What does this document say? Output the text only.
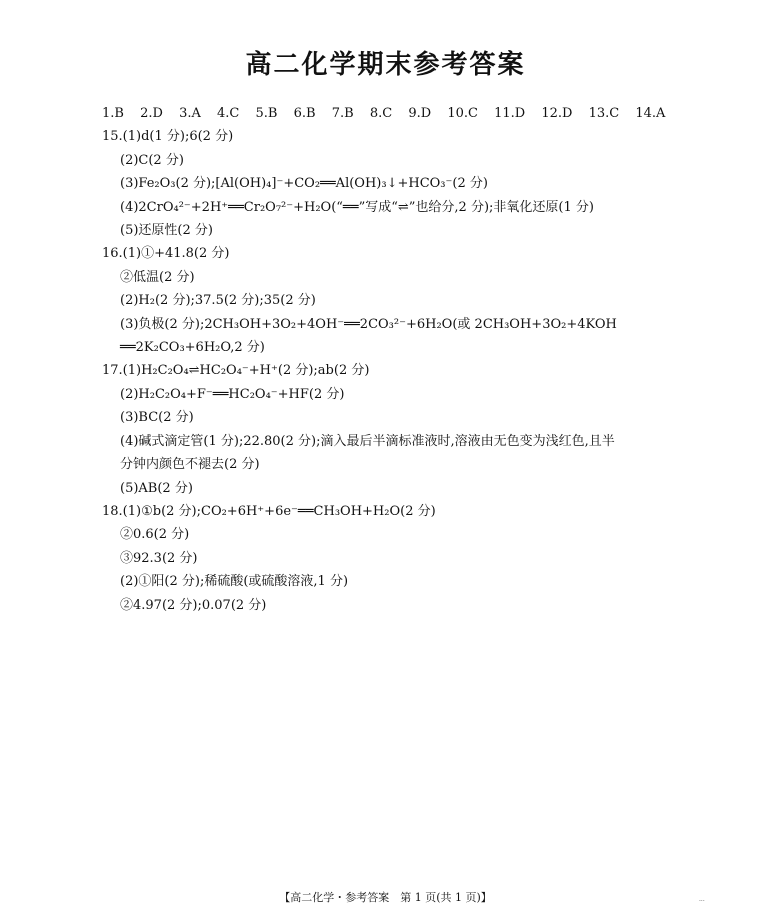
高二化学期末参考答案
1.B 2.D 3.A 4.C 5.B 6.B 7.B 8.C 9.D 10.C 11.D 12.D 13.C 14.A
15.(1)d(1 分);6(2 分)
(2)C(2 分)
(3)Fe₂O₃(2 分);[Al(OH)₄]⁻+CO₂══Al(OH)₃↓+HCO₃⁻(2 分)
(4)2CrO₄²⁻+2H⁺══Cr₂O₇²⁻+H₂O(“══”写成“⇌”也给分,2 分);非氧化还原(1 分)
(5)还原性(2 分)
16.(1)①+41.8(2 分)
②低温(2 分)
(2)H₂(2 分);37.5(2 分);35(2 分)
(3)负极(2 分);2CH₃OH+3O₂+4OH⁻══2CO₃²⁻+6H₂O(或 2CH₃OH+3O₂+4KOH
══2K₂CO₃+6H₂O,2 分)
17.(1)H₂C₂O₄⇌HC₂O₄⁻+H⁺(2 分);ab(2 分)
(2)H₂C₂O₄+F⁻══HC₂O₄⁻+HF(2 分)
(3)BC(2 分)
(4)碱式滴定管(1 分);22.80(2 分);滴入最后半滴标准液时,溶液由无色变为浅红色,且半
分钟内颜色不褪去(2 分)
(5)AB(2 分)
18.(1)①b(2 分);CO₂+6H⁺+6e⁻══CH₃OH+H₂O(2 分)
②0.6(2 分)
③92.3(2 分)
(2)①阳(2 分);稀硫酸(或硫酸溶液,1 分)
②4.97(2 分);0.07(2 分)
【高二化学・参考答案　第 1 页(共 1 页)】	...
